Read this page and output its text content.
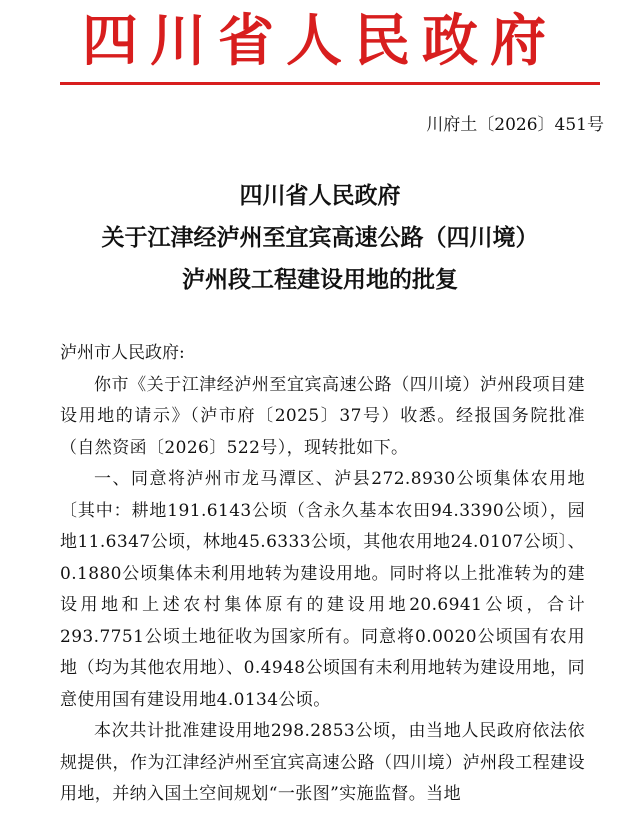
四川省人民政府
川府土〔2026〕451号
四川省人民政府
关于江津经泸州至宜宾高速公路（四川境）
泸州段工程建设用地的批复

泸州市人民政府:

你市《关于江津经泸州至宜宾高速公路（四川境）泸州段项目建设用地的请示》（泸市府〔2025〕37号）收悉。经报国务院批准（自然资函〔2026〕522号），现转批如下。

一、同意将泸州市龙马潭区、泸县272.8930公顷集体农用地〔其中：耕地191.6143公顷（含永久基本农田94.3390公顷），园地11.6347公顷，林地45.6333公顷，其他农用地24.0107公顷〕、0.1880公顷集体未利用地转为建设用地。同时将以上批准转为的建设用地和上述农村集体原有的建设用地20.6941公顷，合计293.7751公顷土地征收为国家所有。同意将0.0020公顷国有农用地（均为其他农用地）、0.4948公顷国有未利用地转为建设用地，同意使用国有建设用地4.0134公顷。

本次共计批准建设用地298.2853公顷，由当地人民政府依法依规提供，作为江津经泸州至宜宾高速公路（四川境）泸州段工程建设用地，并纳入国土空间规划“一张图”实施监督。当地
